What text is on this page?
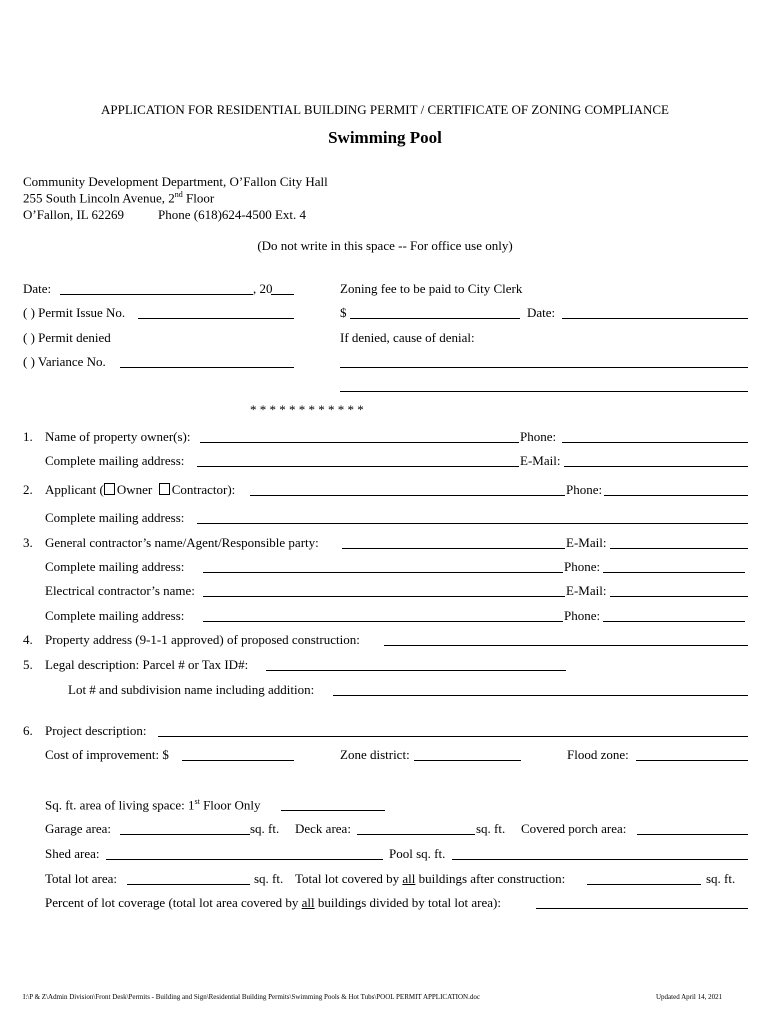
APPLICATION FOR RESIDENTIAL BUILDING PERMIT / CERTIFICATE OF ZONING COMPLIANCE
Swimming Pool
Community Development Department, O’Fallon City Hall
255 South Lincoln Avenue, 2nd Floor
O’Fallon, IL 62269	Phone (618)624-4500 Ext. 4
(Do not write in this space -- For office use only)
Date:	, 20
( ) Permit Issue No.
( ) Permit denied
( ) Variance No.
Zoning fee to be paid to City Clerk
$	Date:
If denied, cause of denial:
* * * * * * * * * * * *
1. Name of property owner(s):	Phone:
Complete mailing address:	E-Mail:
2. Applicant ( Owner Contractor):	Phone:
Complete mailing address:
3. General contractor’s name/Agent/Responsible party:	E-Mail:
Complete mailing address:	Phone:
Electrical contractor’s name:	E-Mail:
Complete mailing address:	Phone:
4. Property address (9-1-1 approved) of proposed construction:
5. Legal description: Parcel # or Tax ID#:
Lot # and subdivision name including addition:
6. Project description:
Cost of improvement: $	Zone district:	Flood zone:
Sq. ft. area of living space: 1st Floor Only
Garage area:	sq. ft. Deck area:	sq. ft. Covered porch area:
Shed area:	Pool sq. ft.
Total lot area:	sq. ft. Total lot covered by all buildings after construction:	sq. ft.
Percent of lot coverage (total lot area covered by all buildings divided by total lot area):
I:\P & Z\Admin Division\Front Desk\Permits - Building and Sign\Residential Building Permits\Swimming Pools & Hot Tubs\POOL PERMIT APPLICATION.doc	Updated April 14, 2021
